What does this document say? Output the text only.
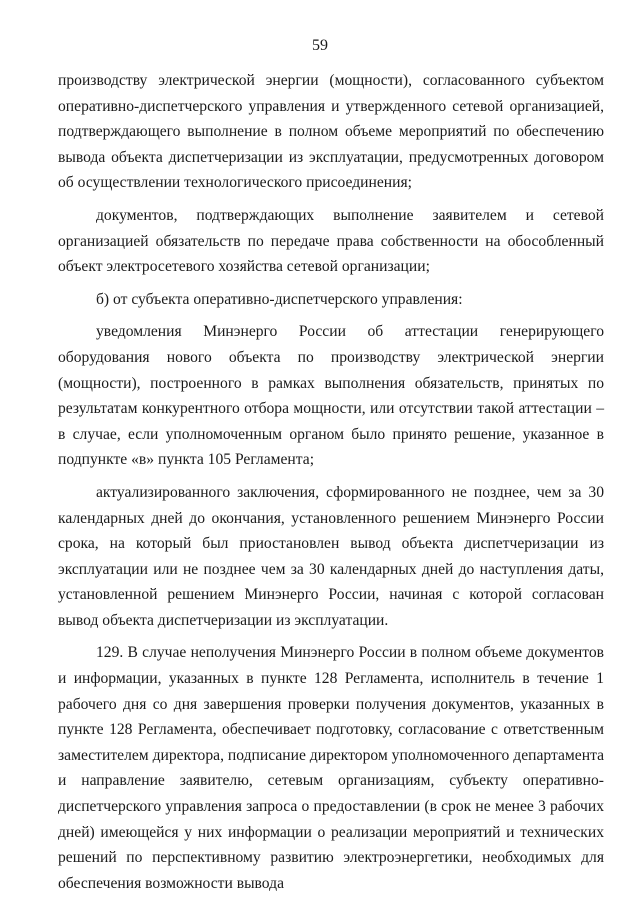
59

производству электрической энергии (мощности), согласованного субъектом оперативно-диспетчерского управления и утвержденного сетевой организацией, подтверждающего выполнение в полном объеме мероприятий по обеспечению вывода объекта диспетчеризации из эксплуатации, предусмотренных договором об осуществлении технологического присоединения;

документов, подтверждающих выполнение заявителем и сетевой организацией обязательств по передаче права собственности на обособленный объект электросетевого хозяйства сетевой организации;

б) от субъекта оперативно-диспетчерского управления:

уведомления Минэнерго России об аттестации генерирующего оборудования нового объекта по производству электрической энергии (мощности), построенного в рамках выполнения обязательств, принятых по результатам конкурентного отбора мощности, или отсутствии такой аттестации – в случае, если уполномоченным органом было принято решение, указанное в подпункте «в» пункта 105 Регламента;

актуализированного заключения, сформированного не позднее, чем за 30 календарных дней до окончания, установленного решением Минэнерго России срока, на который был приостановлен вывод объекта диспетчеризации из эксплуатации или не позднее чем за 30 календарных дней до наступления даты, установленной решением Минэнерго России, начиная с которой согласован вывод объекта диспетчеризации из эксплуатации.

129. В случае неполучения Минэнерго России в полном объеме документов и информации, указанных в пункте 128 Регламента, исполнитель в течение 1 рабочего дня со дня завершения проверки получения документов, указанных в пункте 128 Регламента, обеспечивает подготовку, согласование с ответственным заместителем директора, подписание директором уполномоченного департамента и направление заявителю, сетевым организациям, субъекту оперативно-диспетчерского управления запроса о предоставлении (в срок не менее 3 рабочих дней) имеющейся у них информации о реализации мероприятий и технических решений по перспективному развитию электроэнергетики, необходимых для обеспечения возможности вывода
